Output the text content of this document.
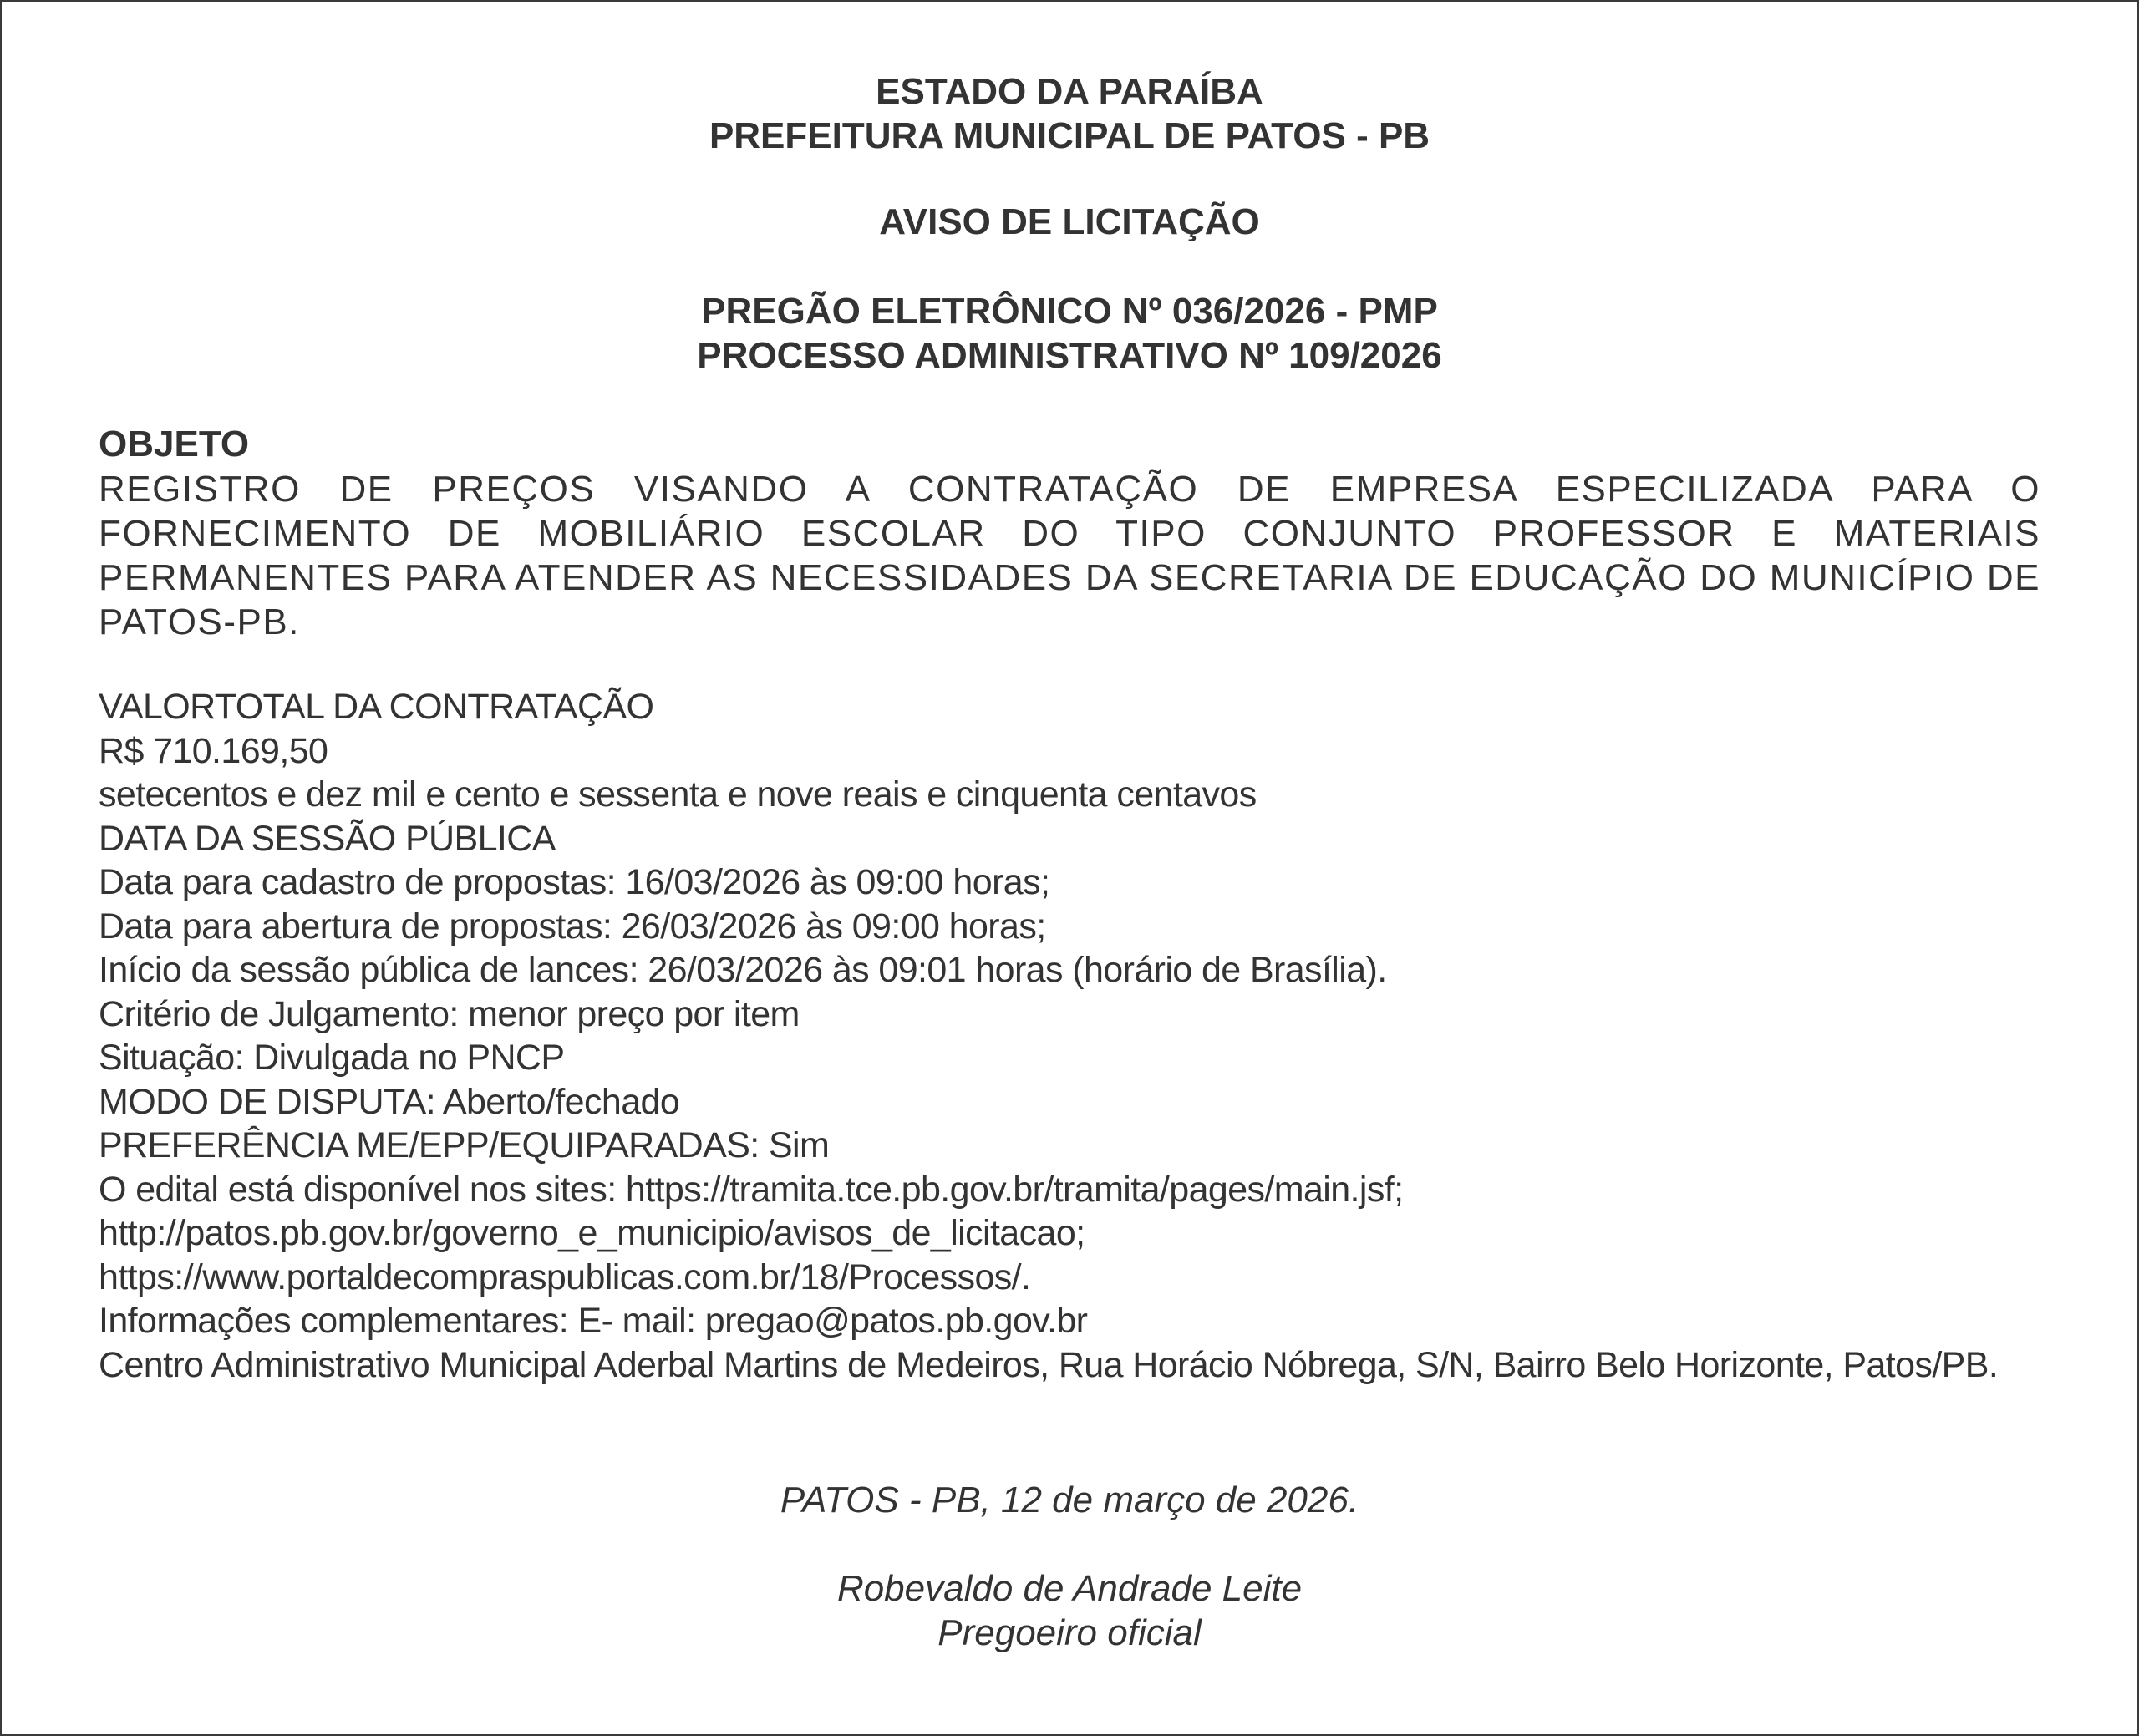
ESTADO DA PARAÍBA
PREFEITURA MUNICIPAL DE PATOS - PB
AVISO DE LICITAÇÃO
PREGÃO ELETRÔNICO Nº 036/2026 - PMP
PROCESSO ADMINISTRATIVO Nº 109/2026
OBJETO
REGISTRO DE PREÇOS VISANDO A CONTRATAÇÃO DE EMPRESA ESPECILIZADA PARA O FORNECIMENTO DE MOBILIÁRIO ESCOLAR DO TIPO CONJUNTO PROFESSOR E MATERIAIS PERMANENTES PARA ATENDER AS NECESSIDADES DA SECRETARIA DE EDUCAÇÃO DO MUNICÍPIO DE PATOS-PB.
VALORTOTAL DA CONTRATAÇÃO
R$ 710.169,50
setecentos e dez mil e cento e sessenta e nove reais e cinquenta centavos
DATA DA SESSÃO PÚBLICA
Data para cadastro de propostas: 16/03/2026 às 09:00 horas;
Data para abertura de propostas: 26/03/2026 às 09:00 horas;
Início da sessão pública de lances: 26/03/2026 às 09:01 horas (horário de Brasília).
Critério de Julgamento: menor preço por item
Situação: Divulgada no PNCP
MODO DE DISPUTA: Aberto/fechado
PREFERÊNCIA ME/EPP/EQUIPARADAS: Sim
O edital está disponível nos sites: https://tramita.tce.pb.gov.br/tramita/pages/main.jsf;
http://patos.pb.gov.br/governo_e_municipio/avisos_de_licitacao;
https://www.portaldecompraspublicas.com.br/18/Processos/.
Informações complementares: E- mail: pregao@patos.pb.gov.br
Centro Administrativo Municipal Aderbal Martins de Medeiros, Rua Horácio Nóbrega, S/N, Bairro Belo Horizonte, Patos/PB.
PATOS - PB, 12 de março de 2026.
Robevaldo de Andrade Leite
Pregoeiro oficial
